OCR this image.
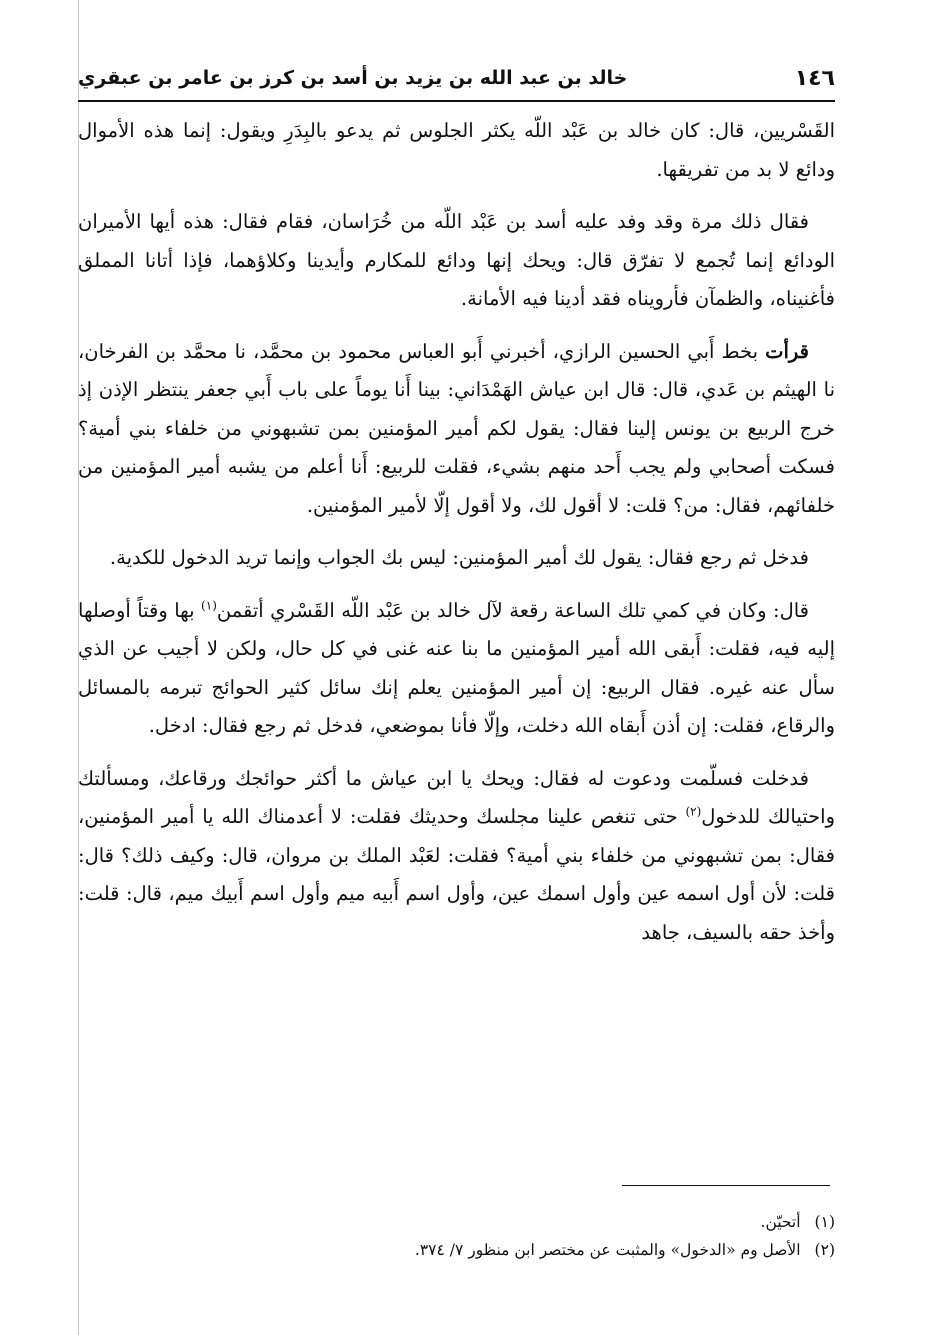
١٤٦
خالد بن عبد الله بن يزيد بن أسد بن كرز بن عامر بن عبقري

القَسْريين، قال: كان خالد بن عَبْد اللّه يكثر الجلوس ثم يدعو بالبِدَرِ ويقول: إنما هذه الأموال ودائع لا بد من تفريقها.

فقال ذلك مرة وقد وفد عليه أسد بن عَبْد اللّه من خُرَاسان، فقام فقال: هذه أيها الأميران الودائع إنما تُجمع لا تفرّق قال: ويحك إنها ودائع للمكارم وأيدينا وكلاؤهما، فإذا أتانا المملق فأغنيناه، والظمآن فأرويناه فقد أدينا فيه الأمانة.

قرأت بخط أَبي الحسين الرازي، أخبرني أَبو العباس محمود بن محمَّد، نا محمَّد بن الفرخان، نا الهيثم بن عَدي، قال: قال ابن عياش الهَمْدَاني: بينا أَنا يوماً على باب أَبي جعفر ينتظر الإذن إذ خرج الربيع بن يونس إلينا فقال: يقول لكم أمير المؤمنين بمن تشبهوني من خلفاء بني أمية؟ فسكت أصحابي ولم يجب أَحد منهم بشيء، فقلت للربيع: أَنا أعلم من يشبه أمير المؤمنين من خلفائهم، فقال: من؟ قلت: لا أقول لك، ولا أقول إلّا لأمير المؤمنين.

فدخل ثم رجع فقال: يقول لك أمير المؤمنين: ليس بك الجواب وإنما تريد الدخول للكدية.

قال: وكان في كمي تلك الساعة رقعة لآل خالد بن عَبْد اللّه القَسْري أتقمن$^{(١)}$ بها وقتاً أوصلها إليه فيه، فقلت: أَبقى الله أمير المؤمنين ما بنا عنه غنى في كل حال، ولكن لا أجيب عن الذي سأل عنه غيره. فقال الربيع: إن أمير المؤمنين يعلم إنك سائل كثير الحوائج تبرمه بالمسائل والرقاع، فقلت: إن أذن أَبقاه الله دخلت، وإلّا فأنا بموضعي، فدخل ثم رجع فقال: ادخل.

فدخلت فسلّمت ودعوت له فقال: ويحك يا ابن عياش ما أكثر حوائجك ورقاعك، ومسألتك واحتيالك للدخول$^{(٢)}$ حتى تنغص علينا مجلسك وحديثك فقلت: لا أعدمناك الله يا أمير المؤمنين، فقال: بمن تشبهوني من خلفاء بني أمية؟ فقلت: لعَبْد الملك بن مروان، قال: وكيف ذلك؟ قال: قلت: لأن أول اسمه عين وأول اسمك عين، وأول اسم أَبيه ميم وأول اسم أَبيك ميم، قال: قلت: وأخذ حقه بالسيف، جاهد

(١)أتحيّن.
(٢)الأصل وم «الدخول» والمثبت عن مختصر ابن منظور ٧/ ٣٧٤.
